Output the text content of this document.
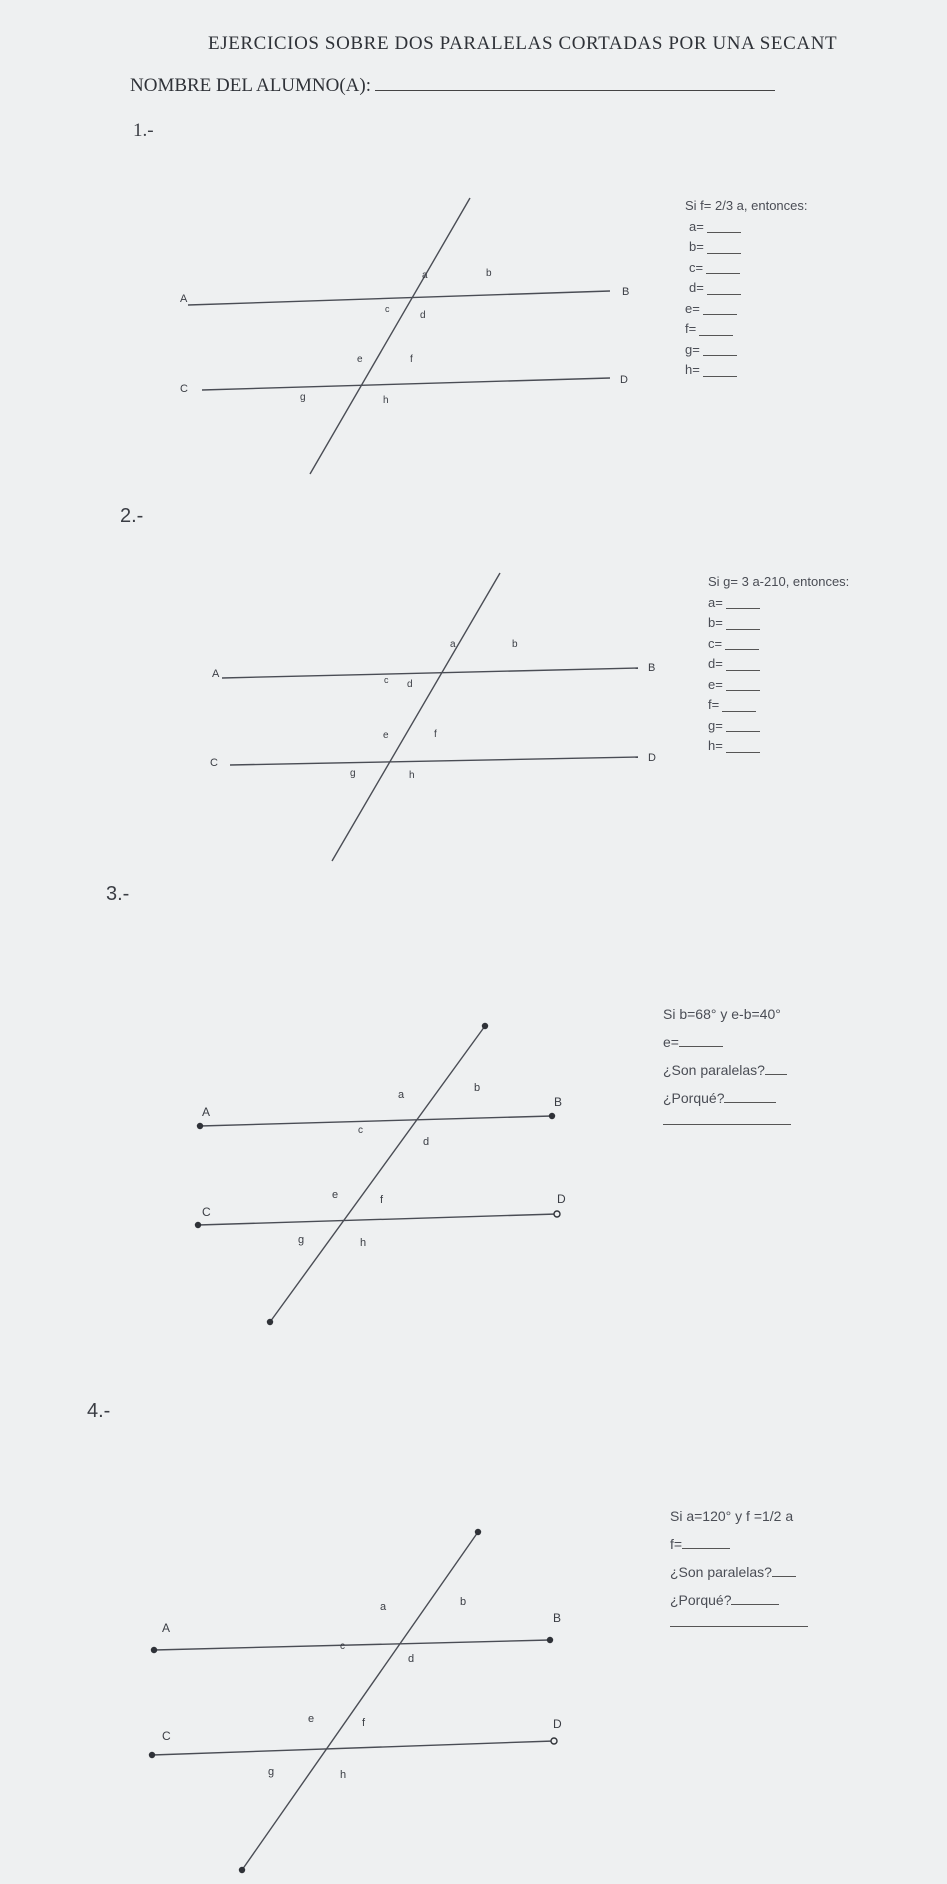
EJERCICIOS SOBRE DOS PARALELAS CORTADAS POR UNA SECANT
NOMBRE DEL ALUMNO(A):
1.-
A
B
C
D
a	b
c
d
e	f
g	h
Si f= 2/3 a, entonces:
a=
b=
c=
d=
e=
f=
g=
h=
2.-
A	B
C	D
a	b
c d
e	f
g	h
Si g= 3 a-210, entonces:
a=
b=
c=
d=
e=
f=
g=
h=
3.-
A
B
C
D
a
b
c
d
e	f
g	h
Si b=68° y e-b=40°
e=
¿Son paralelas?
¿Porqué?
4.-
A
B
C
D
a	b
c
d
e	f
g	h
Si a=120° y f =1/2 a
f=
¿Son paralelas?
¿Porqué?
